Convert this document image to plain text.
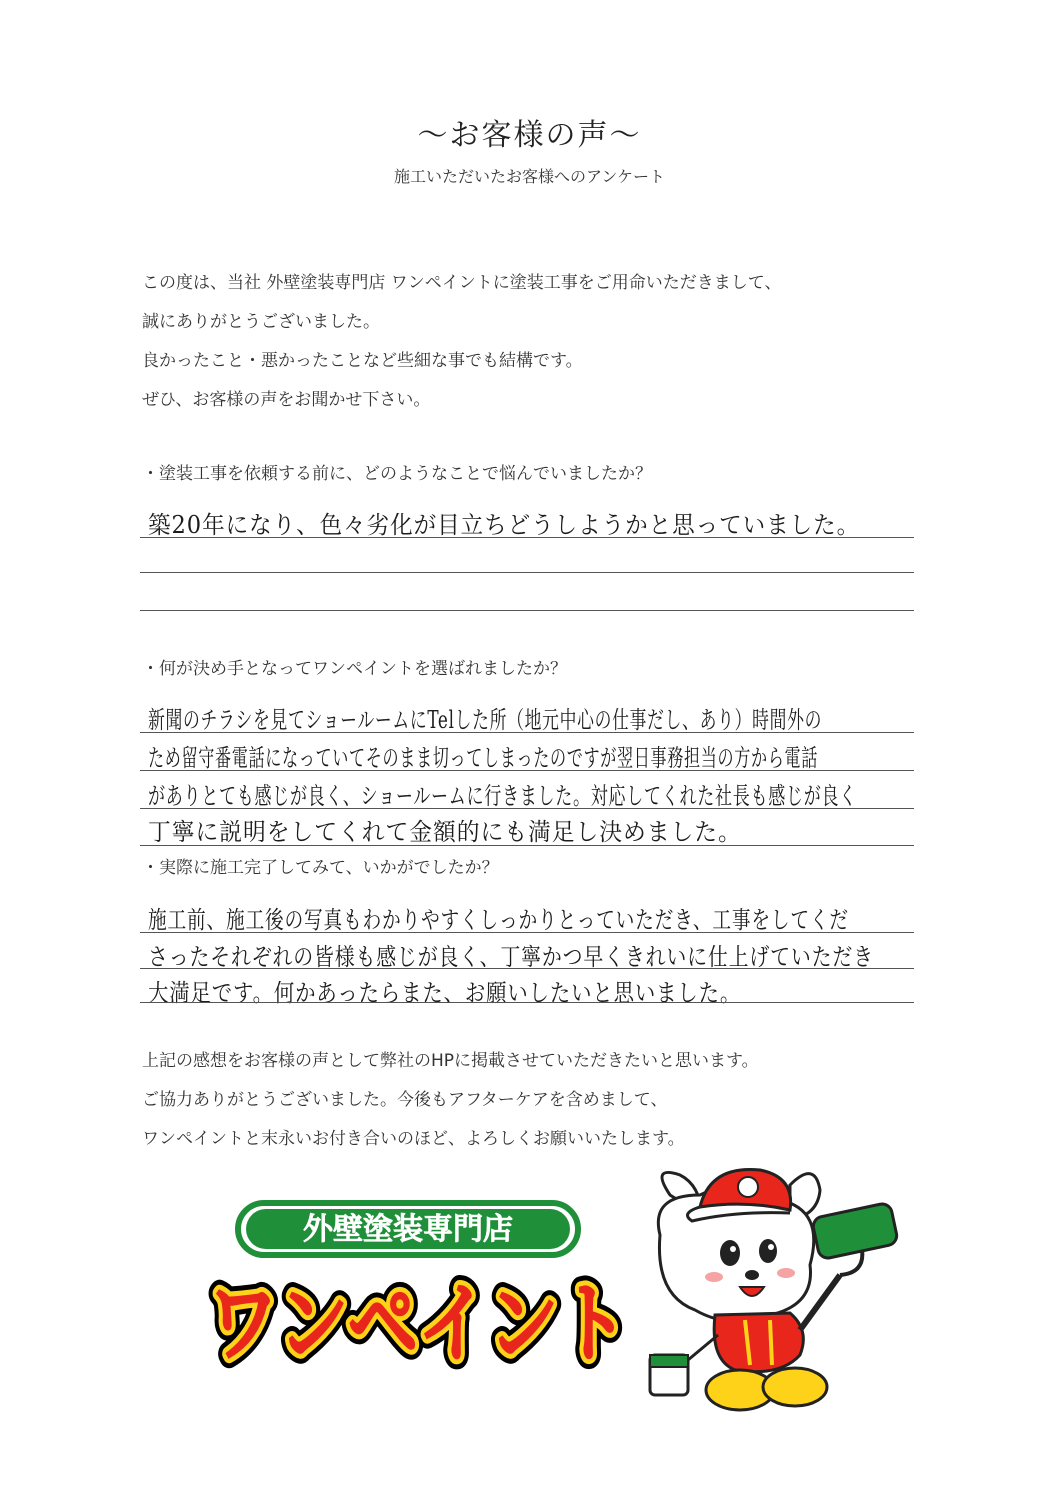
〜お客様の声〜
施工いただいたお客様へのアンケート

この度は、当社 外壁塗装専門店 ワンペイントに塗装工事をご用命いただきまして、

誠にありがとうございました。

良かったこと・悪かったことなど些細な事でも結構です。

ぜひ、お客様の声をお聞かせ下さい。

・塗装工事を依頼する前に、どのようなことで悩んでいましたか？

築20年になり、色々劣化が目立ちどうしようかと思っていました。

・何が決め手となってワンペイントを選ばれましたか？

新聞のチラシを見てショールームにTelした所（地元中心の仕事だし、あり）時間外の

ため留守番電話になっていてそのまま切ってしまったのですが翌日事務担当の方から電話

がありとても感じが良く、ショールームに行きました。対応してくれた社長も感じが良く

丁寧に説明をしてくれて金額的にも満足し決めました。

・実際に施工完了してみて、いかがでしたか？

施工前、施工後の写真もわかりやすくしっかりとっていただき、工事をしてくだ

さったそれぞれの皆様も感じが良く、丁寧かつ早くきれいに仕上げていただき

大満足です。何かあったらまた、お願いしたいと思いました。

上記の感想をお客様の声として弊社のHPに掲載させていただきたいと思います。

ご協力ありがとうございました。今後もアフターケアを含めまして、

ワンペイントと末永いお付き合いのほど、よろしくお願いいたします。

外壁塗装専門店
ワンペイント
ワンペイント
ワンペイント
